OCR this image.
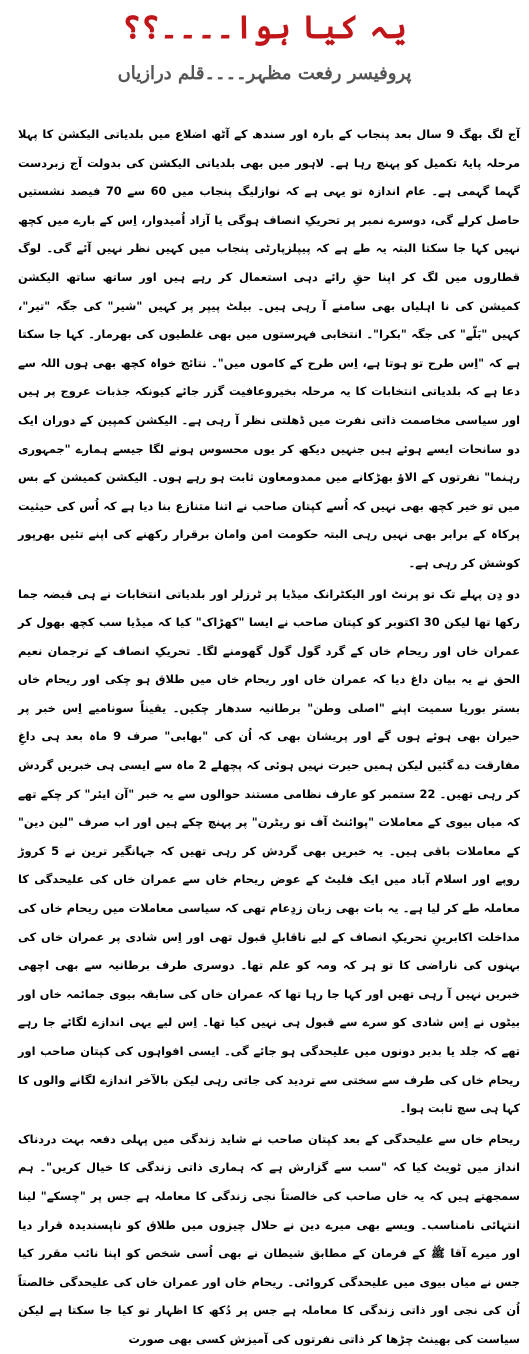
یہ کیا ہوا۔۔۔۔؟؟
پروفیسر رفعت مظہر۔۔۔۔قلم درازیاں

آج لگ بھگ 9 سال بعد پنجاب کے بارہ اور سندھ کے آٹھ اضلاع میں بلدیاتی الیکشن کا پہلا مرحلہ پایۂ تکمیل کو پہنچ رہا ہے۔ لاہور میں بھی بلدیاتی الیکشن کی بدولت آج زبردست گہما گہمی ہے۔ عام اندازہ تو یہی ہے کہ نوازلیگ پنجاب میں 60 سے 70 فیصد نشستیں حاصل کرلے گی، دوسرے نمبر پر تحریکِ انصاف ہوگی یا آزاد اُمیدوار، اِس کے بارے میں کچھ نہیں کہا جا سکتا البتہ یہ طے ہے کہ پیپلزپارٹی پنجاب میں کہیں نظر نہیں آئے گی۔ لوگ قطاروں میں لگ کر اپنا حقِ رائے دہی استعمال کر رہے ہیں اور ساتھ ساتھ الیکشن کمیشن کی نا اہلیاں بھی سامنے آ رہی ہیں۔ بیلٹ پیپر پر کہیں "شیر" کی جگہ "تیر"، کہیں "بَلّے" کی جگہ "بکرا"۔ انتخابی فہرستوں میں بھی غلطیوں کی بھرمار۔ کہا جا سکتا ہے کہ "اِس طرح تو ہوتا ہے، اِس طرح کے کاموں میں"۔ نتائج خواہ کچھ بھی ہوں اللہ سے دعا ہے کہ بلدیاتی انتخابات کا یہ مرحلہ بخیروعافیت گزر جائے کیونکہ جذبات عروج پر ہیں اور سیاسی مخاصمت ذاتی نفرت میں ڈھلتی نظر آ رہی ہے۔ الیکشن کمپین کے دوران ایک دو سانحات ایسے ہوئے ہیں جنہیں دیکھ کر یوں محسوس ہونے لگا جیسے ہمارے "جمہوری رہنما" نفرتوں کے الاؤ بھڑکانے میں ممدومعاون ثابت ہو رہے ہوں۔ الیکشن کمیشن کے بس میں تو خیر کچھ بھی نہیں کہ اُسے کپتان صاحب نے اتنا متنازع بنا دیا ہے کہ اُس کی حیثیت پرکاہ کے برابر بھی نہیں رہی البتہ حکومت امن وامان برقرار رکھنے کی اپنے تئیں بھرپور کوشش کر رہی ہے۔

دو دِن پہلے تک تو پرنٹ اور الیکٹرانک میڈیا پر ٹرزلر اور بلدیاتی انتخابات نے ہی قبضہ جما رکھا تھا لیکن 30 اکتوبر کو کپتان صاحب نے ایسا "کھڑاک" کیا کہ میڈیا سب کچھ بھول کر عمران خاں اور ریحام خاں کے گرد گول گول گھومنے لگا۔ تحریکِ انصاف کے ترجمان نعیم الحق نے یہ بیان داغ دیا کہ عمران خاں اور ریحام خاں میں طلاق ہو چکی اور ریحام خاں بستر بوریا سمیت اپنے "اصلی وطن" برطانیہ سدھار چکیں۔ یقیناً سونامیے اِس خبر پر حیران بھی ہوئے ہوں گے اور پریشان بھی کہ اُن کی "بھابی" صرف 9 ماہ بعد ہی داغِ مفارقت دے گئیں لیکن ہمیں حیرت نہیں ہوئی کہ پچھلے 2 ماہ سے ایسی ہی خبریں گردش کر رہی تھیں۔ 22 ستمبر کو عارف نظامی مستند حوالوں سے یہ خبر "آن ایئر" کر چکے تھے کہ میاں بیوی کے معاملات "پوائنٹ آف نو ریٹرن" پر پہنچ چکے ہیں اور اب صرف "لین دین" کے معاملات باقی ہیں۔ یہ خبریں بھی گردش کر رہی تھیں کہ جہانگیر ترین نے 5 کروڑ روپے اور اسلام آباد میں ایک فلیٹ کے عوض ریحام خاں سے عمران خاں کی علیحدگی کا معاملہ طے کر لیا ہے۔ یہ بات بھی زبان زدِعام تھی کہ سیاسی معاملات میں ریحام خاں کی مداخلت اکابرینِ تحریکِ انصاف کے لیے ناقابلِ قبول تھی اور اِس شادی پر عمران خاں کی بہنوں کی ناراضی کا تو ہر کہ ومہ کو علم تھا۔ دوسری طرف برطانیہ سے بھی اچھی خبریں نہیں آ رہی تھیں اور کہا جا رہا تھا کہ عمران خاں کی سابقہ بیوی جمائمہ خاں اور بیٹوں نے اِس شادی کو سرے سے قبول ہی نہیں کیا تھا۔ اِس لیے یہی اندازے لگائے جا رہے تھے کہ جلد یا بدیر دونوں میں علیحدگی ہو جائے گی۔ ایسی افواہوں کی کپتان صاحب اور ریحام خاں کی طرف سے سختی سے تردید کی جاتی رہی لیکن بالآخر اندازے لگانے والوں کا کہا ہی سچ ثابت ہوا۔

ریحام خاں سے علیحدگی کے بعد کپتان صاحب نے شاید زندگی میں پہلی دفعہ بہت دردناک انداز میں ٹویٹ کیا کہ "سب سے گزارش ہے کہ ہماری ذاتی زندگی کا خیال کریں"۔ ہم سمجھتے ہیں کہ یہ خاں صاحب کی خالصتاً نجی زندگی کا معاملہ ہے جس پر "چسکے" لینا انتہائی نامناسب۔ ویسے بھی میرے دین نے حلال چیزوں میں طلاق کو ناپسندیدہ قرار دیا اور میرے آقا ﷺ کے فرمان کے مطابق شیطان نے بھی اُسی شخص کو اپنا نائب مقرر کیا جس نے میاں بیوی میں علیحدگی کروائی۔ ریحام خاں اور عمران خاں کی علیحدگی خالصتاً اُن کی نجی اور ذاتی زندگی کا معاملہ ہے جس پر دُکھ کا اظہار تو کیا جا سکتا ہے لیکن سیاست کی بھینٹ چڑھا کر ذاتی نفرتوں کی آمیزش کسی بھی صورت
